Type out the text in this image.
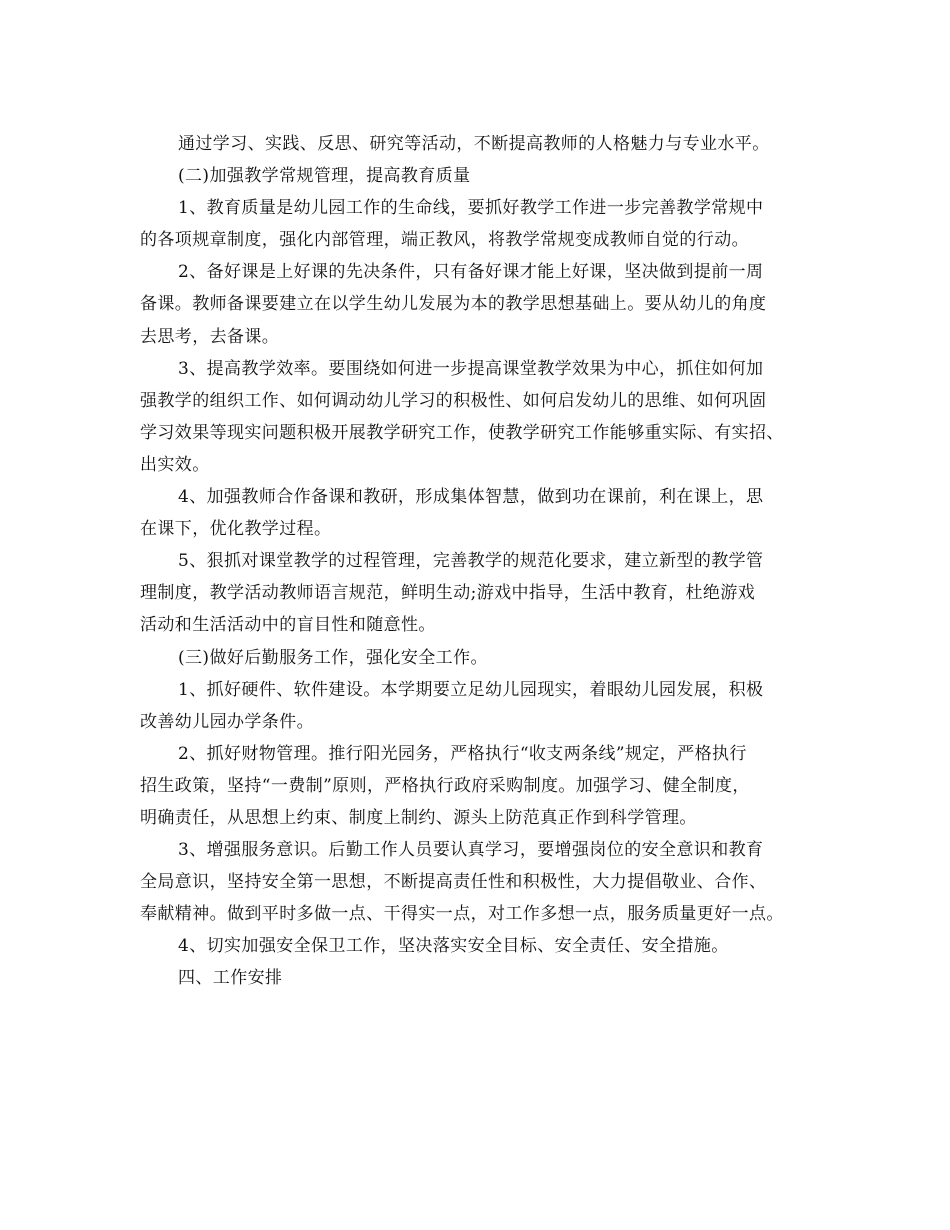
通过学习、实践、反思、研究等活动，不断提高教师的人格魅力与专业水平。
(二)加强教学常规管理，提高教育质量
1、教育质量是幼儿园工作的生命线，要抓好教学工作进一步完善教学常规中
的各项规章制度，强化内部管理，端正教风，将教学常规变成教师自觉的行动。
2、备好课是上好课的先决条件，只有备好课才能上好课，坚决做到提前一周
备课。教师备课要建立在以学生幼儿发展为本的教学思想基础上。要从幼儿的角度
去思考，去备课。
3、提高教学效率。要围绕如何进一步提高课堂教学效果为中心，抓住如何加
强教学的组织工作、如何调动幼儿学习的积极性、如何启发幼儿的思维、如何巩固
学习效果等现实问题积极开展教学研究工作，使教学研究工作能够重实际、有实招、
出实效。
4、加强教师合作备课和教研，形成集体智慧，做到功在课前，利在课上，思
在课下，优化教学过程。
5、狠抓对课堂教学的过程管理，完善教学的规范化要求，建立新型的教学管
理制度，教学活动教师语言规范，鲜明生动;游戏中指导，生活中教育，杜绝游戏
活动和生活活动中的盲目性和随意性。
(三)做好后勤服务工作，强化安全工作。
1、抓好硬件、软件建设。本学期要立足幼儿园现实，着眼幼儿园发展，积极
改善幼儿园办学条件。
2、抓好财物管理。推行阳光园务，严格执行“收支两条线”规定，严格执行
招生政策，坚持“一费制”原则，严格执行政府采购制度。加强学习、健全制度，
明确责任，从思想上约束、制度上制约、源头上防范真正作到科学管理。
3、增强服务意识。后勤工作人员要认真学习，要增强岗位的安全意识和教育
全局意识，坚持安全第一思想，不断提高责任性和积极性，大力提倡敬业、合作、
奉献精神。做到平时多做一点、干得实一点，对工作多想一点，服务质量更好一点。
4、切实加强安全保卫工作，坚决落实安全目标、安全责任、安全措施。
四、工作安排
